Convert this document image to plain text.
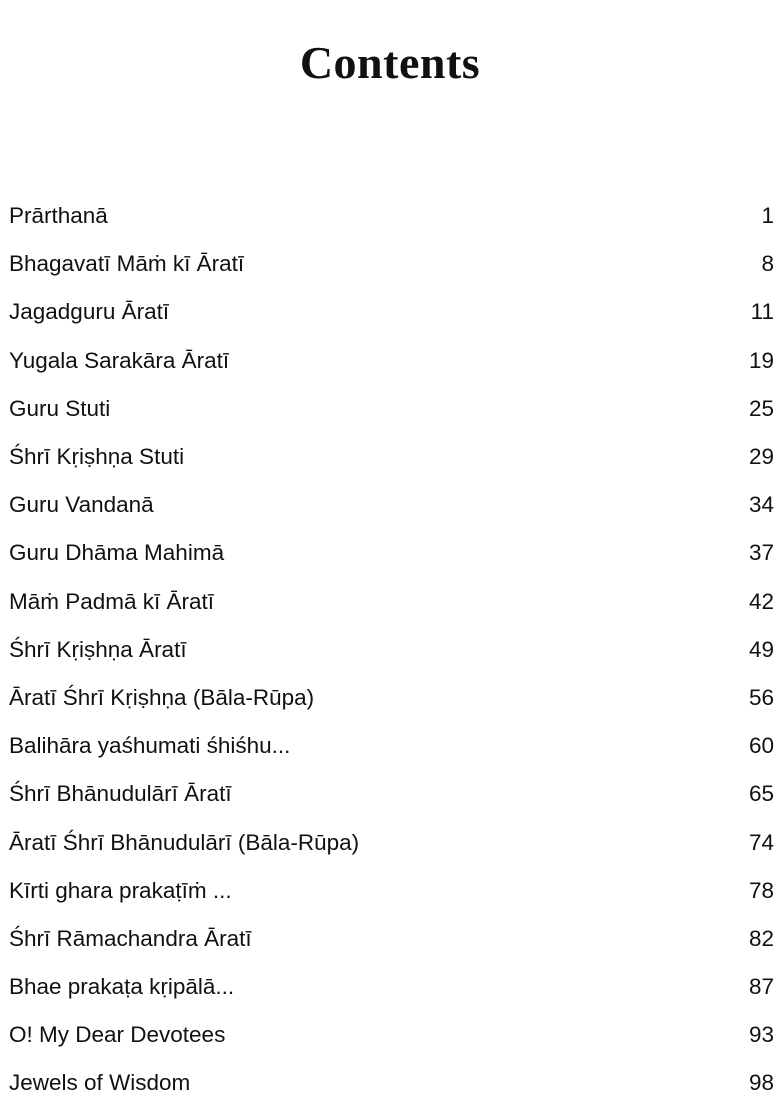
Contents
Prārthanā	1
Bhagavatī Māṁ kī Āratī	8
Jagadguru Āratī	11
Yugala Sarakāra Āratī	19
Guru Stuti	25
Śhrī Kṛiṣhṇa Stuti	29
Guru Vandanā	34
Guru Dhāma Mahimā	37
Māṁ Padmā kī Āratī	42
Śhrī Kṛiṣhṇa Āratī	49
Āratī Śhrī Kṛiṣhṇa (Bāla-Rūpa)	56
Balihāra yaśhumati śhiśhu...	60
Śhrī Bhānudulārī Āratī	65
Āratī Śhrī Bhānudulārī (Bāla-Rūpa)	74
Kīrti ghara prakaṭīṁ ...	78
Śhrī Rāmachandra Āratī	82
Bhae prakaṭa kṛipālā...	87
O! My Dear Devotees	93
Jewels of Wisdom	98
